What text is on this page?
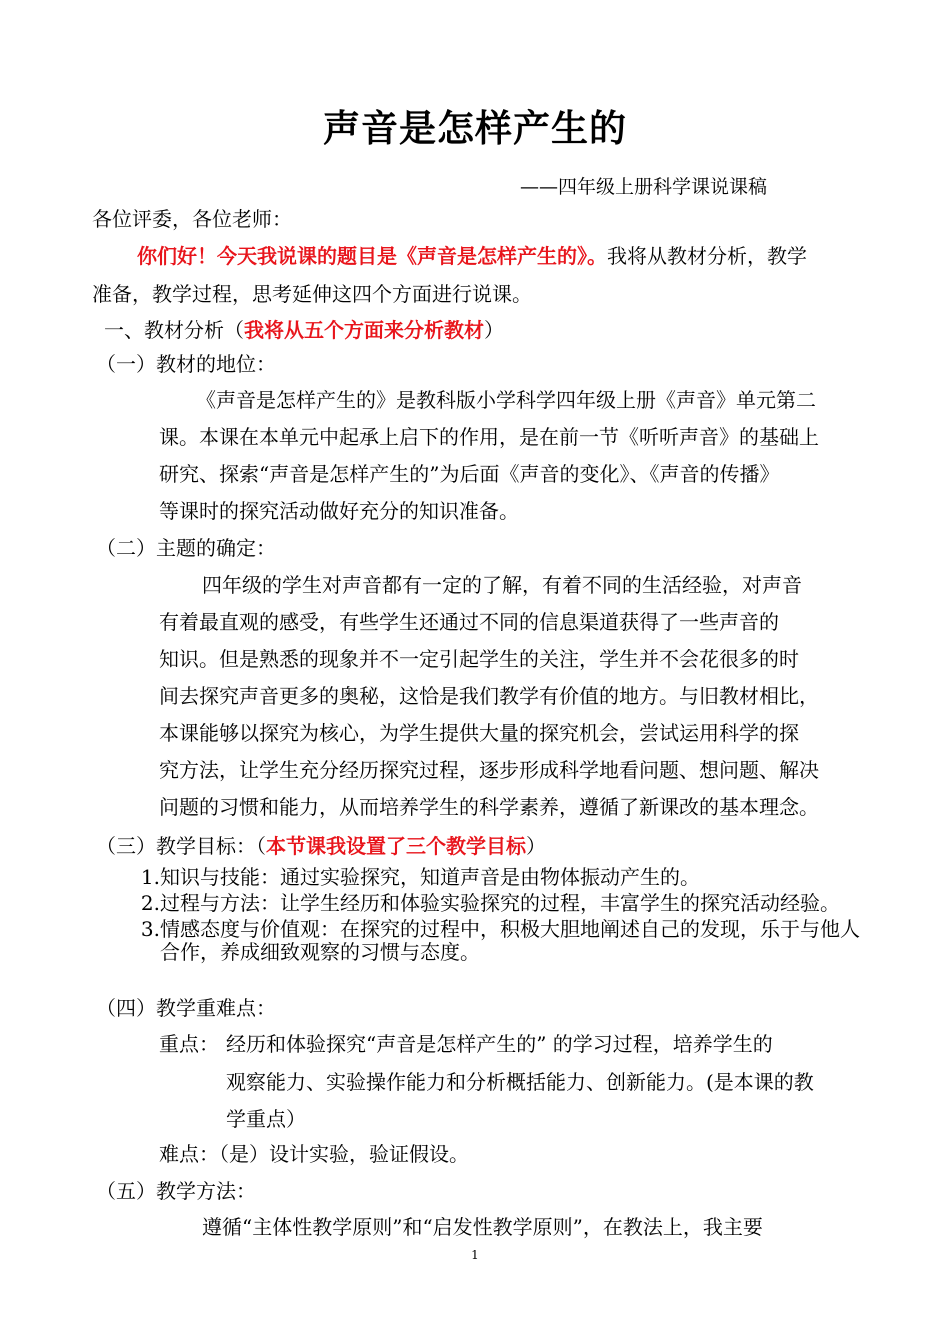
声音是怎样产生的
——四年级上册科学课说课稿
各位评委，各位老师：
你们好！今天我说课的题目是《声音是怎样产生的》。我将从教材分析，教学
准备，教学过程，思考延伸这四个方面进行说课。
一、教材分析（我将从五个方面来分析教材）
（一）教材的地位：
《声音是怎样产生的》是教科版小学科学四年级上册《声音》单元第二
课。本课在本单元中起承上启下的作用，是在前一节《听听声音》的基础上
研究、探索“声音是怎样产生的”为后面《声音的变化》、《声音的传播》
等课时的探究活动做好充分的知识准备。
（二）主题的确定：
四年级的学生对声音都有一定的了解，有着不同的生活经验，对声音
有着最直观的感受，有些学生还通过不同的信息渠道获得了一些声音的
知识。但是熟悉的现象并不一定引起学生的关注，学生并不会花很多的时
间去探究声音更多的奥秘，这恰是我们教学有价值的地方。与旧教材相比，
本课能够以探究为核心，为学生提供大量的探究机会，尝试运用科学的探
究方法，让学生充分经历探究过程，逐步形成科学地看问题、想问题、解决
问题的习惯和能力，从而培养学生的科学素养，遵循了新课改的基本理念。
（三）教学目标：（本节课我设置了三个教学目标）
1. 知识与技能：通过实验探究，知道声音是由物体振动产生的。
2. 过程与方法：让学生经历和体验实验探究的过程，丰富学生的探究活动经验。
3. 情感态度与价值观：在探究的过程中，积极大胆地阐述自己的发现，乐于与他人合作，养成细致观察的习惯与态度。
（四）教学重难点：
重点： 经历和体验探究“声音是怎样产生的” 的学习过程，培养学生的
观察能力、实验操作能力和分析概括能力、创新能力。(是本课的教
学重点）
难点：（是）设计实验，验证假设。
（五）教学方法：
遵循“主体性教学原则”和“启发性教学原则”，在教法上，我主要
1
